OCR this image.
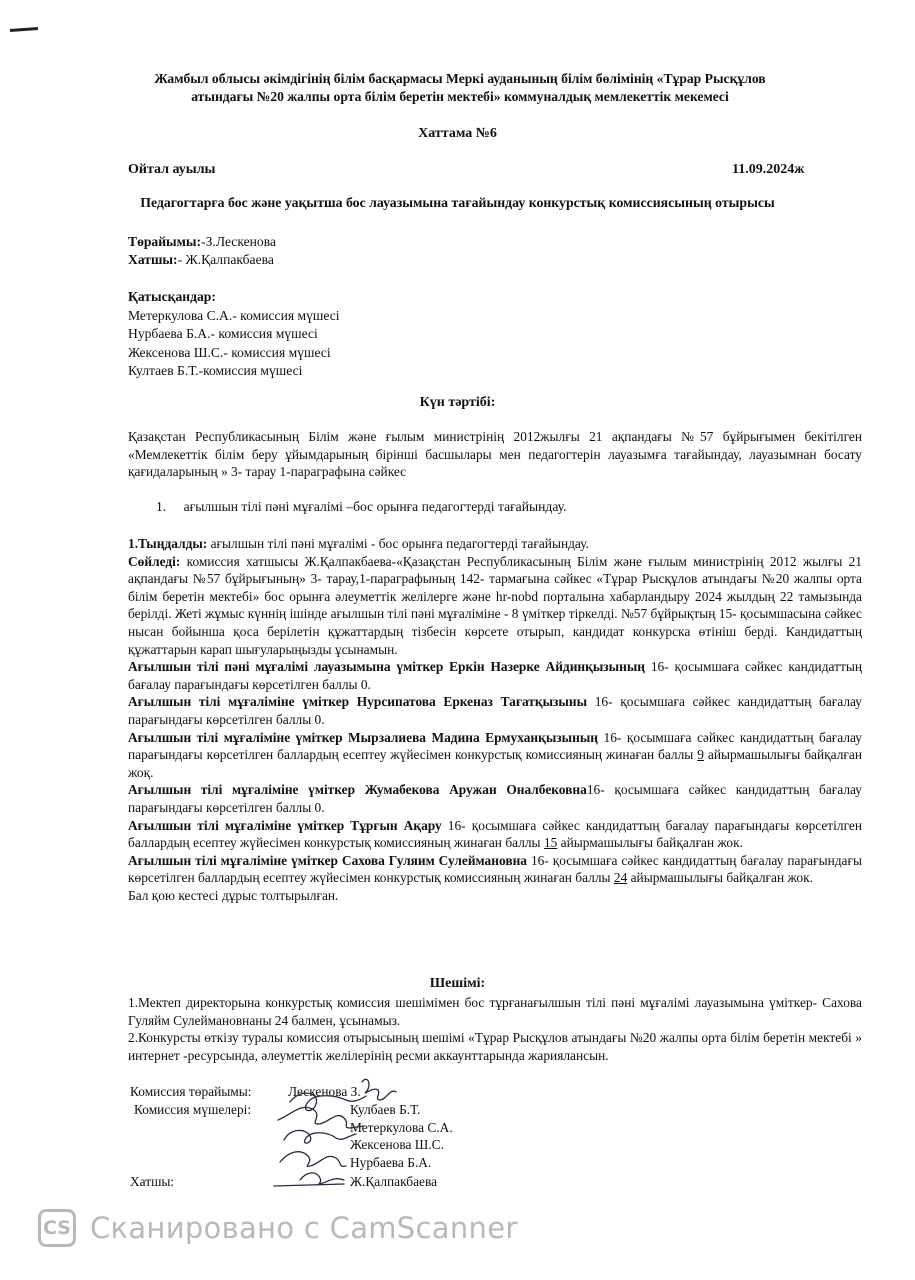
Жамбыл облысы әкімдігінің білім басқармасы Меркі ауданының білім бөлімінің «Тұрар Рысқұлов
атындағы №20 жалпы орта білім беретін мектебі» коммуналдық мемлекеттік мекемесі
Хаттама №6
Ойтал ауылы	11.09.2024ж
Педагогтарға бос және уақытша бос лауазымына тағайындау конкурстық комиссиясының отырысы
Төрайымы:-З.Лескенова
Хатшы:- Ж.Қалпакбаева
Қатысқандар:
Метеркулова С.А.- комиссия мүшесі
Нурбаева Б.А.- комиссия мүшесі
Жексенова Ш.С.- комиссия мүшесі
Култаев Б.Т.-комиссия мүшесі
Күн тәртібі:
Қазақстан Республикасының Білім және ғылым министрінің 2012жылғы 21 ақпандағы №57 бұйрығымен бекітілген «Мемлекеттік білім беру ұйымдарының бірінші басшылары мен педагогтерін лауазымға тағайындау, лауазымнан босату қағидаларының » 3- тарау 1-параграфына сәйкес
1. ағылшын тілі пәні мұғалімі –бос орынға педагогтерді тағайындау.

1.Тыңдалды: ағылшын тілі пәні мұғалімі - бос орынға педагогтерді тағайындау.

Сөйледі: комиссия хатшысы Ж.Қалпакбаева-«Қазақстан Республикасының Білім және ғылым министрінің 2012 жылғы 21 ақпандағы №57 бұйрығының» 3- тарау,1-параграфының 142- тармағына сәйкес «Тұрар Рысқұлов атындағы №20 жалпы орта білім беретін мектебі» бос орынға әлеуметтік желілерге және hr-nobd порталына хабарландыру 2024 жылдың 22 тамызында берілді. Жеті жұмыс күннің ішінде ағылшын тілі пәні мұғаліміне - 8 үміткер тіркелді. №57 бұйрықтың 15- қосымшасына сәйкес нысан бойынша қоса берілетін құжаттардың тізбесін көрсете отырып, кандидат конкурска өтініш берді. Кандидаттың құжаттарын карап шығуларыңызды ұсынамын.

Ағылшын тілі пәні мұғалімі лауазымына үміткер Еркін Назерке Айдинқызының 16- қосымшаға сәйкес кандидаттың бағалау парағындағы көрсетілген баллы 0.

Ағылшын тілі мұғаліміне үміткер Нурсипатова Еркеназ Тағатқызыны 16- қосымшаға сәйкес кандидаттың бағалау парағындағы көрсетілген баллы 0.

Ағылшын тілі мұғаліміне үміткер Мырзалиева Мадина Ермуханқызының 16- қосымшаға сәйкес кандидаттың бағалау парағындағы көрсетілген баллардың есептеу жүйесімен конкурстық комиссияның жинаған баллы 9 айырмашылығы байқалған жоқ.

Ағылшын тілі мұғаліміне үміткер Жумабекова Аружан Оналбековна16- қосымшаға сәйкес кандидаттың бағалау парағындағы көрсетілген баллы 0.

Ағылшын тілі мұғаліміне үміткер Тұрғын Ақару 16- қосымшаға сәйкес кандидаттың бағалау парағындағы көрсетілген баллардың есептеу жүйесімен конкурстық комиссияның жинаған баллы 15 айырмашылығы байқалған жок.

Ағылшын тілі мұғаліміне үміткер Сахова Гуляим Сулеймановна 16- қосымшаға сәйкес кандидаттың бағалау парағындағы көрсетілген баллардың есептеу жүйесімен конкурстық комиссияның жинаған баллы 24 айырмашылығы байқалған жок.

Бал қою кестесі дұрыс толтырылған.

Шешімі:

1.Мектеп директорына конкурстық комиссия шешімімен бос тұрғанағылшын тілі пәні мұғалімі лауазымына үміткер- Сахова Гуляйм Сулеймановнаны 24 балмен, ұсынамыз.

2.Конкурсты өткізу туралы комиссия отырысының шешімі «Тұрар Рысқұлов атындағы №20 жалпы орта білім беретін мектебі » интернет -ресурсында, әлеуметтік желілерінің ресми аккаунттарында жариялансын.

Комиссия төрайымы:	Лескенова З.
Комиссия мүшелері:	Кулбаев Б.Т.
Метеркулова С.А.
Жексенова Ш.С.
Нурбаева Б.А.
Хатшы:	Ж.Қалпакбаева
CS Сканировано с CamScanner
